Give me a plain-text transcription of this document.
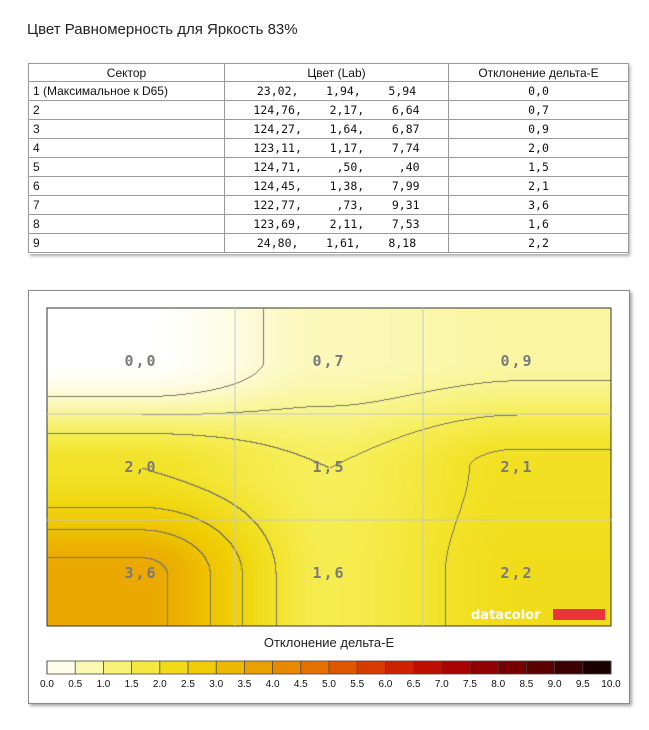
Цвет Равномерность для Яркость 83%
Сектор	Цвет (Lab)	Отклонение дельта-Е
1 (Максимальное к D65)	23,02,    1,94,    5,94	0,0
2	124,76,    2,17,    6,64	0,7
3	124,27,    1,64,    6,87	0,9
4	123,11,    1,17,    7,74	2,0
5	124,71,     ,50,     ,40	1,5
6	124,45,    1,38,    7,99	2,1
7	122,77,     ,73,    9,31	3,6
8	123,69,    2,11,    7,53	1,6
9	24,80,    1,61,    8,18	2,2
0,0	0,7	0,9
2,0	1,5	2,1
3,6	1,6	2,2
datacolor
0.0 0.5 1.0 1.5 2.0 2.5 3.0 3.5 4.0 4.5 5.0 5.5 6.0 6.5 7.0 7.5 8.0 8.5 9.0 9.5 10.0
Отклонение дельта-Е
